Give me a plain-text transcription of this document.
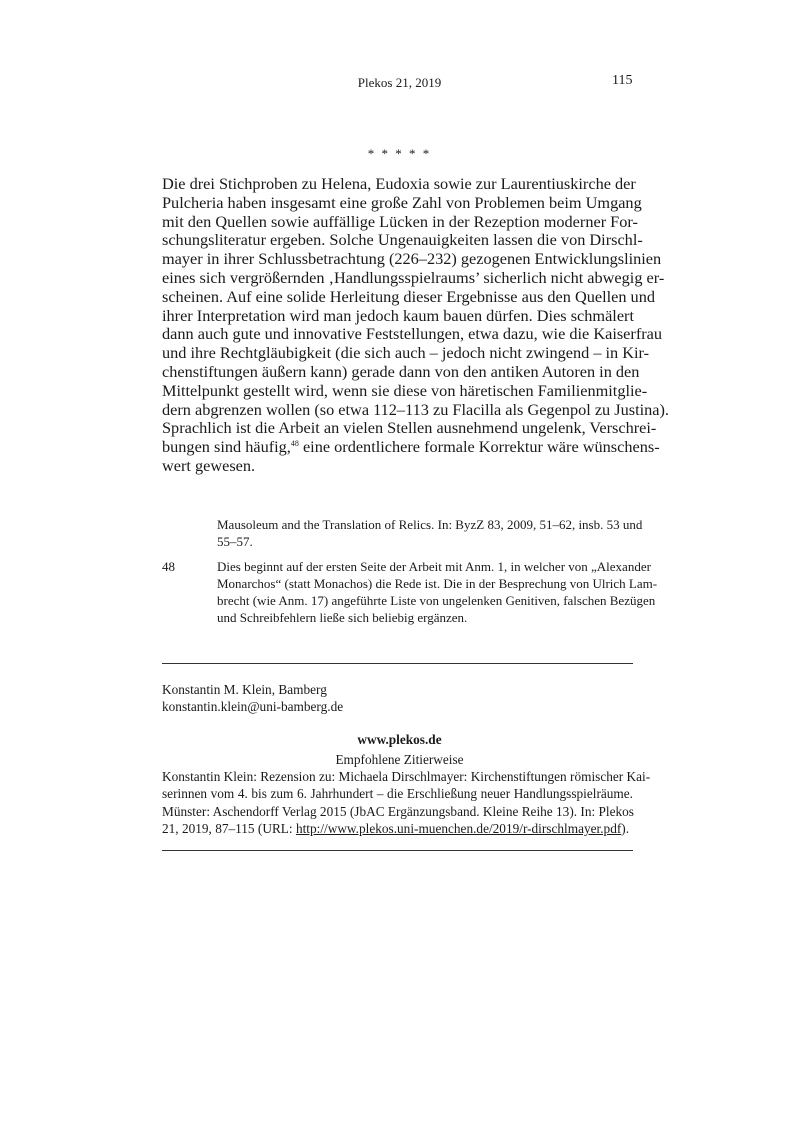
Plekos 21, 2019	115
* * * * *
Die drei Stichproben zu Helena, Eudoxia sowie zur Laurentiuskirche der
Pulcheria haben insgesamt eine große Zahl von Problemen beim Umgang
mit den Quellen sowie auffällige Lücken in der Rezeption moderner For-
schungsliteratur ergeben. Solche Ungenauigkeiten lassen die von Dirschl-
mayer in ihrer Schlussbetrachtung (226–232) gezogenen Entwicklungslinien
eines sich vergrößernden ‚Handlungsspielraums’ sicherlich nicht abwegig er-
scheinen. Auf eine solide Herleitung dieser Ergebnisse aus den Quellen und
ihrer Interpretation wird man jedoch kaum bauen dürfen. Dies schmälert
dann auch gute und innovative Feststellungen, etwa dazu, wie die Kaiserfrau
und ihre Rechtgläubigkeit (die sich auch – jedoch nicht zwingend – in Kir-
chenstiftungen äußern kann) gerade dann von den antiken Autoren in den
Mittelpunkt gestellt wird, wenn sie diese von häretischen Familienmitglie-
dern abgrenzen wollen (so etwa 112–113 zu Flacilla als Gegenpol zu Justina).
Sprachlich ist die Arbeit an vielen Stellen ausnehmend ungelenk, Verschrei-
bungen sind häufig,$^{48}$ eine ordentlichere formale Korrektur wäre wünschens-
wert gewesen.
Mausoleum and the Translation of Relics. In: ByzZ 83, 2009, 51–62, insb. 53 und
55–57.
48	Dies beginnt auf der ersten Seite der Arbeit mit Anm. 1, in welcher von „Alexander
Monarchos“ (statt Monachos) die Rede ist. Die in der Besprechung von Ulrich Lam-
brecht (wie Anm. 17) angeführte Liste von ungelenken Genitiven, falschen Bezügen
und Schreibfehlern ließe sich beliebig ergänzen.
Konstantin M. Klein, Bamberg
konstantin.klein@uni-bamberg.de
www.plekos.de
Empfohlene Zitierweise
Konstantin Klein: Rezension zu: Michaela Dirschlmayer: Kirchenstiftungen römischer Kai-
serinnen vom 4. bis zum 6. Jahrhundert – die Erschließung neuer Handlungsspielräume.
Münster: Aschendorff Verlag 2015 (JbAC Ergänzungsband. Kleine Reihe 13). In: Plekos
21, 2019, 87–115 (URL: http://www.plekos.uni-muenchen.de/2019/r-dirschlmayer.pdf).
